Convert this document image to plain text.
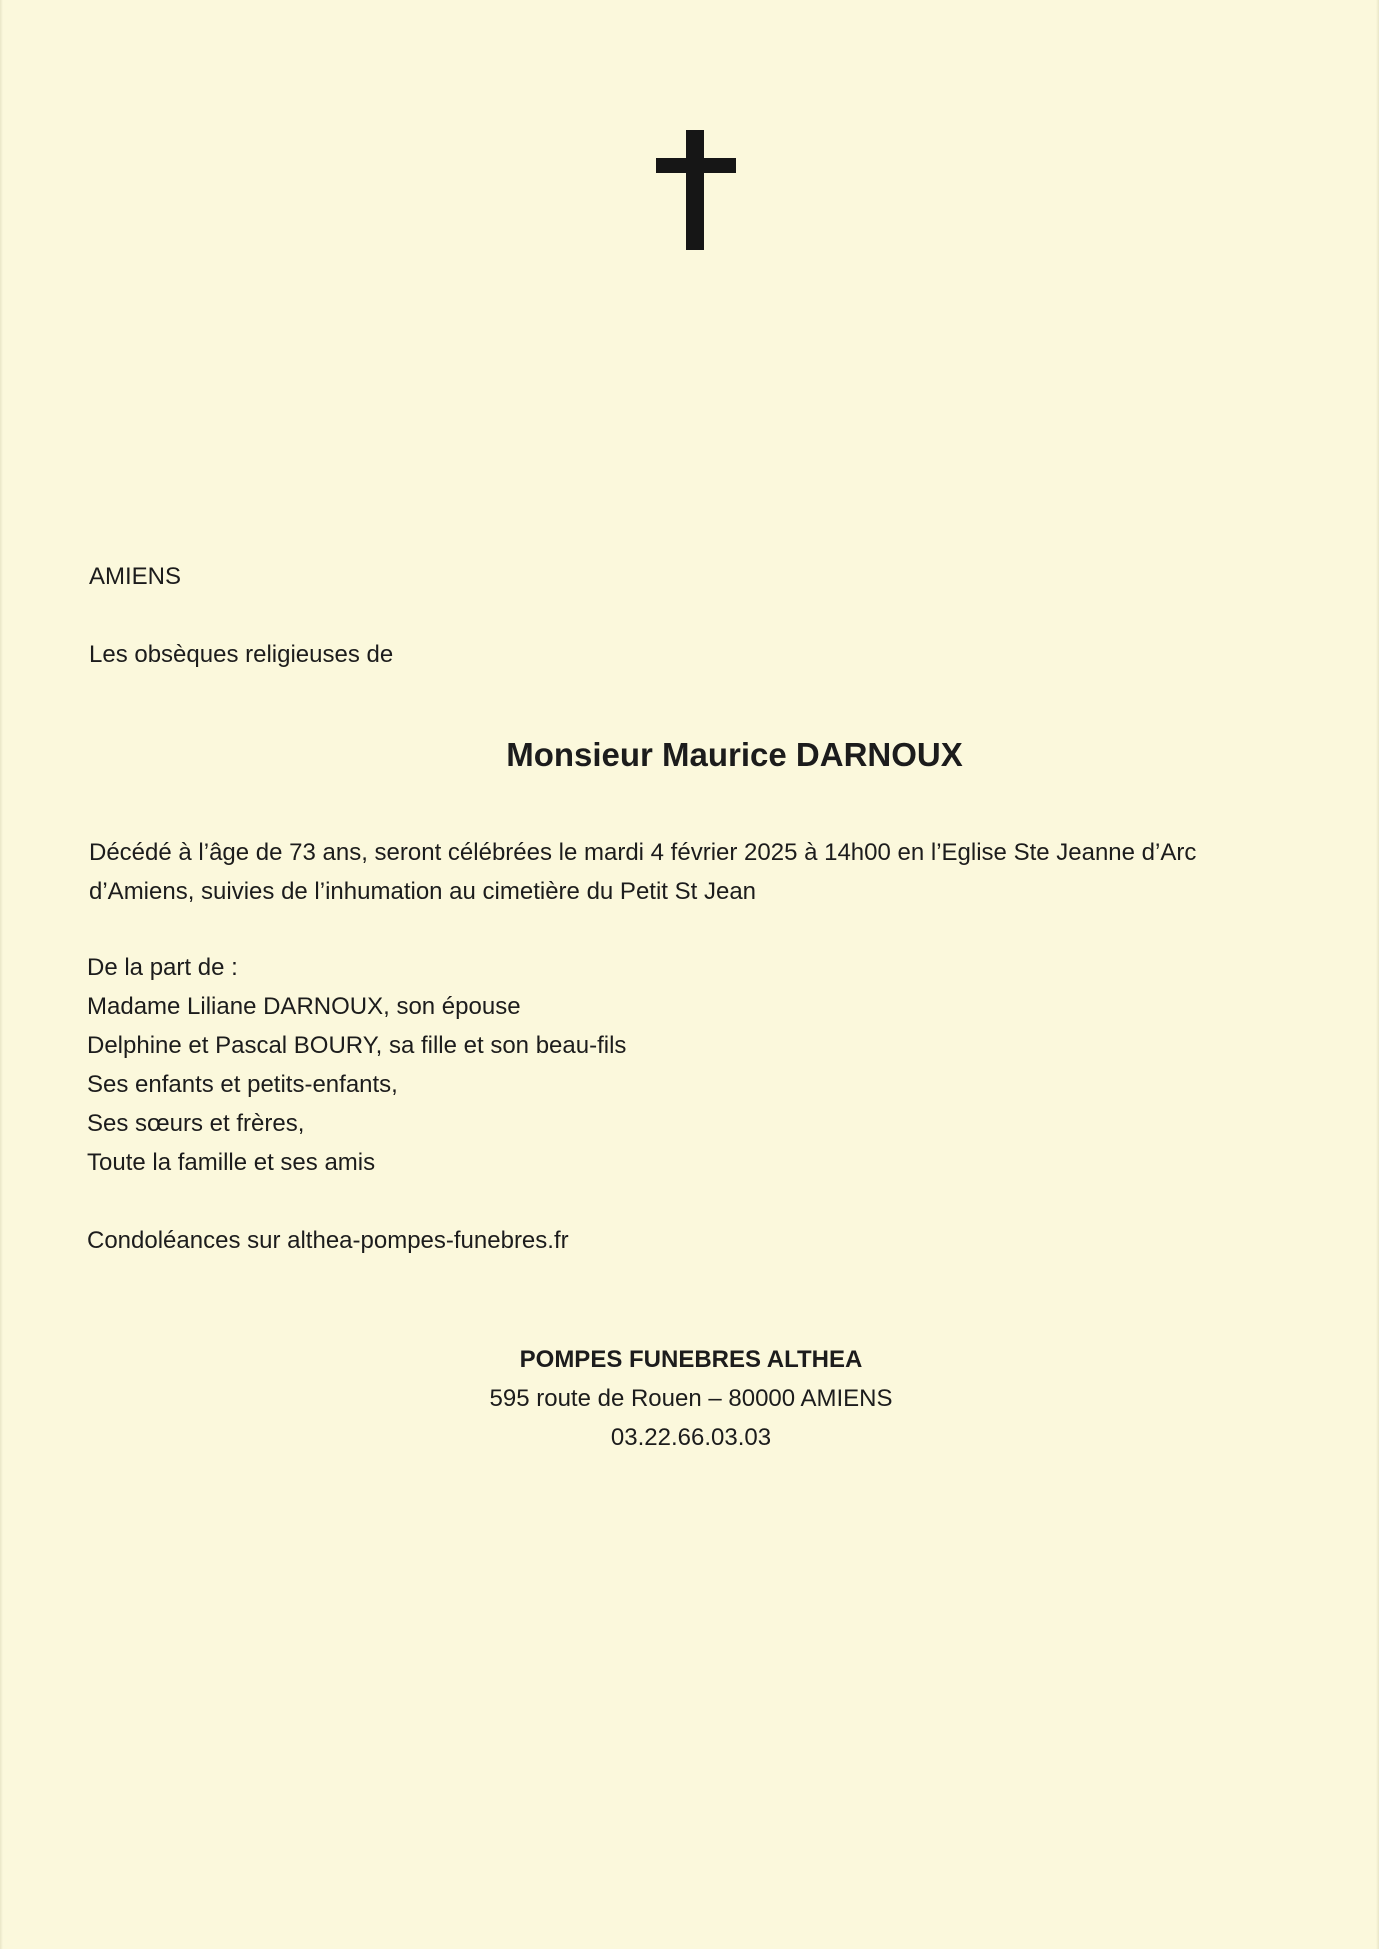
AMIENS
Les obsèques religieuses de
Monsieur Maurice DARNOUX
Décédé à l’âge de 73 ans, seront célébrées le mardi 4 février 2025 à 14h00 en l’Eglise Ste Jeanne d’Arc
d’Amiens, suivies de l’inhumation au cimetière du Petit St Jean
De la part de :
Madame Liliane DARNOUX, son épouse
Delphine et Pascal BOURY, sa fille et son beau-fils
Ses enfants et petits-enfants,
Ses sœurs et frères,
Toute la famille et ses amis
Condoléances sur althea-pompes-funebres.fr
POMPES FUNEBRES ALTHEA
595 route de Rouen – 80000 AMIENS
03.22.66.03.03
